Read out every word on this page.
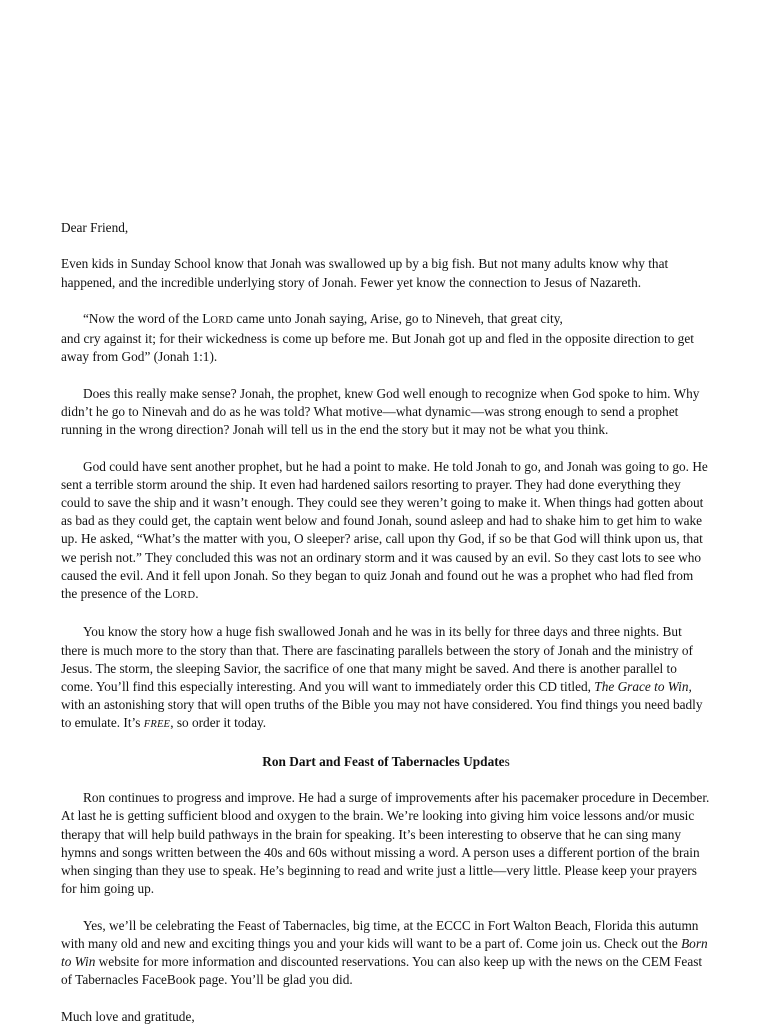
Dear Friend,

Even kids in Sunday School know that Jonah was swallowed up by a big fish. But not many adults know why that happened, and the incredible underlying story of Jonah. Fewer yet know the connection to Jesus of Nazareth.

“Now the word of the LORD came unto Jonah saying, Arise, go to Nineveh, that great city,
and cry against it; for their wickedness is come up before me. But Jonah got up and fled in the opposite direction to get away from God” (Jonah 1:1).

Does this really make sense? Jonah, the prophet, knew God well enough to recognize when God spoke to him. Why didn’t he go to Ninevah and do as he was told? What motive—what dynamic—was strong enough to send a prophet running in the wrong direction? Jonah will tell us in the end the story but it may not be what you think.

God could have sent another prophet, but he had a point to make. He told Jonah to go, and Jonah was going to go. He sent a terrible storm around the ship. It even had hardened sailors resorting to prayer. They had done everything they could to save the ship and it wasn’t enough. They could see they weren’t going to make it. When things had gotten about as bad as they could get, the captain went below and found Jonah, sound asleep and had to shake him to get him to wake up. He asked, “What’s the matter with you, O sleeper? arise, call upon thy God, if so be that God will think upon us, that we perish not.” They concluded this was not an ordinary storm and it was caused by an evil. So they cast lots to see who caused the evil. And it fell upon Jonah. So they began to quiz Jonah and found out he was a prophet who had fled from the presence of the LORD.

You know the story how a huge fish swallowed Jonah and he was in its belly for three days and three nights. But there is much more to the story than that. There are fascinating parallels between the story of Jonah and the ministry of Jesus. The storm, the sleeping Savior, the sacrifice of one that many might be saved. And there is another parallel to come. You’ll find this especially interesting. And you will want to immediately order this CD titled, The Grace to Win, with an astonishing story that will open truths of the Bible you may not have considered. You find things you need badly to emulate. It’s FREE, so order it today.

Ron Dart and Feast of Tabernacles Updates

Ron continues to progress and improve. He had a surge of improvements after his pacemaker procedure in December. At last he is getting sufficient blood and oxygen to the brain. We’re looking into giving him voice lessons and/or music therapy that will help build pathways in the brain for speaking. It’s been interesting to observe that he can sing many hymns and songs written between the 40s and 60s without missing a word. A person uses a different portion of the brain when singing than they use to speak. He’s beginning to read and write just a little—very little. Please keep your prayers for him going up.

Yes, we’ll be celebrating the Feast of Tabernacles, big time, at the ECCC in Fort Walton Beach, Florida this autumn with many old and new and exciting things you and your kids will want to be a part of. Come join us. Check out the Born to Win website for more information and discounted reservations. You can also keep up with the news on the CEM Feast of Tabernacles FaceBook page. You’ll be glad you did.

Much love and gratitude,
